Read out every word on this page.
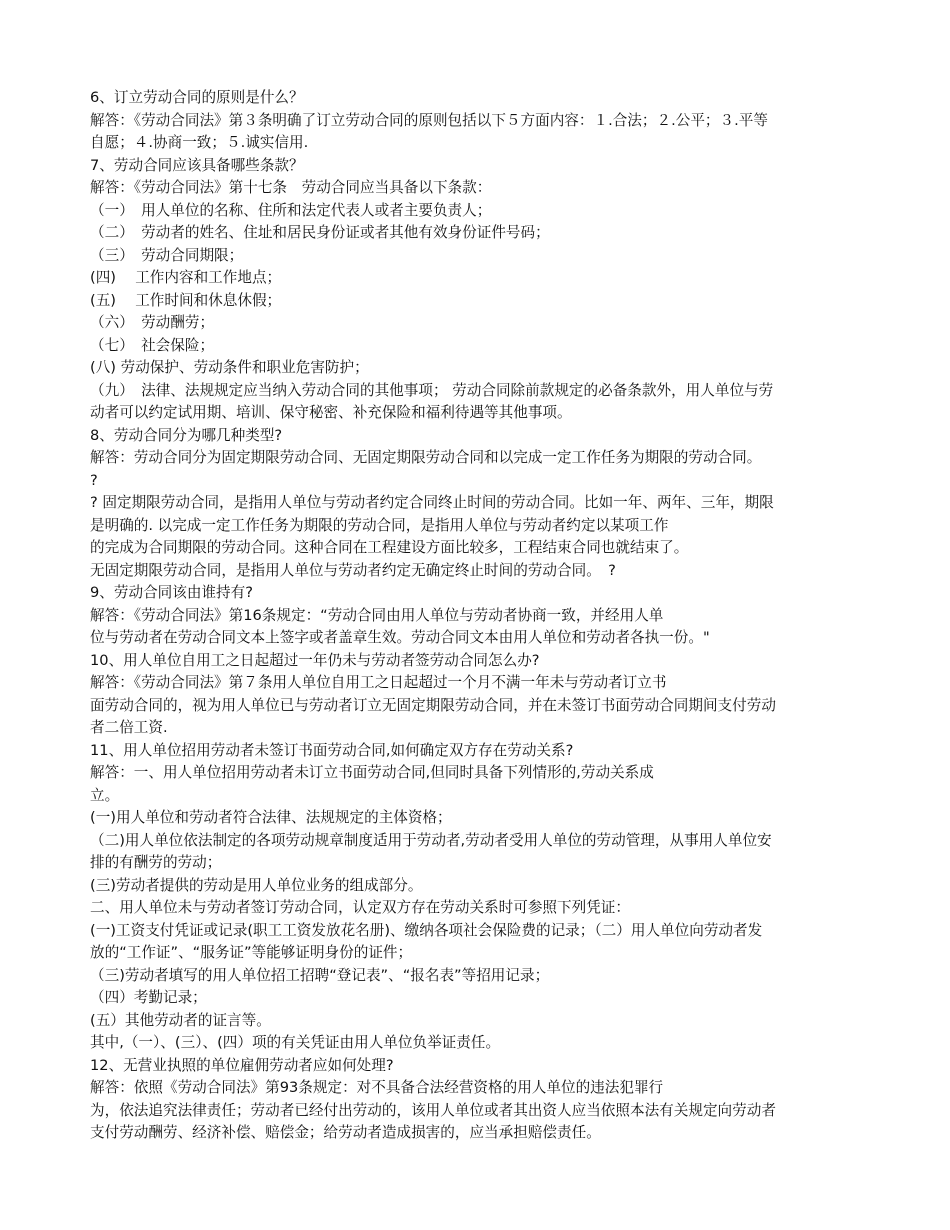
6、订立劳动合同的原则是什么？

解答：《劳动合同法》第３条明确了订立劳动合同的原则包括以下５方面内容：１.合法；２.公平；３.平等

自愿；４.协商一致；５.诚实信用.

7、劳动合同应该具备哪些条款？

解答：《劳动合同法》第十七条　劳动合同应当具备以下条款：

（一）　用人单位的名称、住所和法定代表人或者主要负责人；

（二）　劳动者的姓名、住址和居民身份证或者其他有效身份证件号码；

（三）　劳动合同期限；

(四)　 工作内容和工作地点；

(五)　 工作时间和休息休假；

（六）　劳动酬劳；

（七）　社会保险；

(八) 劳动保护、劳动条件和职业危害防护；

（九）　法律、法规规定应当纳入劳动合同的其他事项； 劳动合同除前款规定的必备条款外，用人单位与劳

动者可以约定试用期、培训、保守秘密、补充保险和福利待遇等其他事项。

8、劳动合同分为哪几种类型?

解答：劳动合同分为固定期限劳动合同、无固定期限劳动合同和以完成一定工作任务为期限的劳动合同。

?

? 固定期限劳动合同，是指用人单位与劳动者约定合同终止时间的劳动合同。比如一年、两年、三年，期限

是明确的. 以完成一定工作任务为期限的劳动合同，是指用人单位与劳动者约定以某项工作

的完成为合同期限的劳动合同。这种合同在工程建设方面比较多，工程结束合同也就结束了。

无固定期限劳动合同，是指用人单位与劳动者约定无确定终止时间的劳动合同。　?

9、劳动合同该由谁持有?

解答：《劳动合同法》第16条规定：“劳动合同由用人单位与劳动者协商一致，并经用人单

位与劳动者在劳动合同文本上签字或者盖章生效。劳动合同文本由用人单位和劳动者各执一份。"

10、用人单位自用工之日起超过一年仍未与劳动者签劳动合同怎么办?

解答：《劳动合同法》第７条用人单位自用工之日起超过一个月不满一年未与劳动者订立书

面劳动合同的，视为用人单位已与劳动者订立无固定期限劳动合同，并在未签订书面劳动合同期间支付劳动

者二倍工资.

11、用人单位招用劳动者未签订书面劳动合同,如何确定双方存在劳动关系?

解答：一、用人单位招用劳动者未订立书面劳动合同,但同时具备下列情形的,劳动关系成

立。

(一)用人单位和劳动者符合法律、法规规定的主体资格；

（二)用人单位依法制定的各项劳动规章制度适用于劳动者,劳动者受用人单位的劳动管理，从事用人单位安

排的有酬劳的劳动；

(三)劳动者提供的劳动是用人单位业务的组成部分。

二、用人单位未与劳动者签订劳动合同，认定双方存在劳动关系时可参照下列凭证：

(一)工资支付凭证或记录(职工工资发放花名册)、缴纳各项社会保险费的记录；（二）用人单位向劳动者发

放的“工作证”、“服务证”等能够证明身份的证件；

（三)劳动者填写的用人单位招工招聘“登记表”、“报名表”等招用记录；

（四）考勤记录；

(五）其他劳动者的证言等。

其中,（一）、(三）、(四）项的有关凭证由用人单位负举证责任。

12、无营业执照的单位雇佣劳动者应如何处理?

解答：依照《劳动合同法》第93条规定：对不具备合法经营资格的用人单位的违法犯罪行

为，依法追究法律责任；劳动者已经付出劳动的，该用人单位或者其出资人应当依照本法有关规定向劳动者

支付劳动酬劳、经济补偿、赔偿金；给劳动者造成损害的，应当承担赔偿责任。
